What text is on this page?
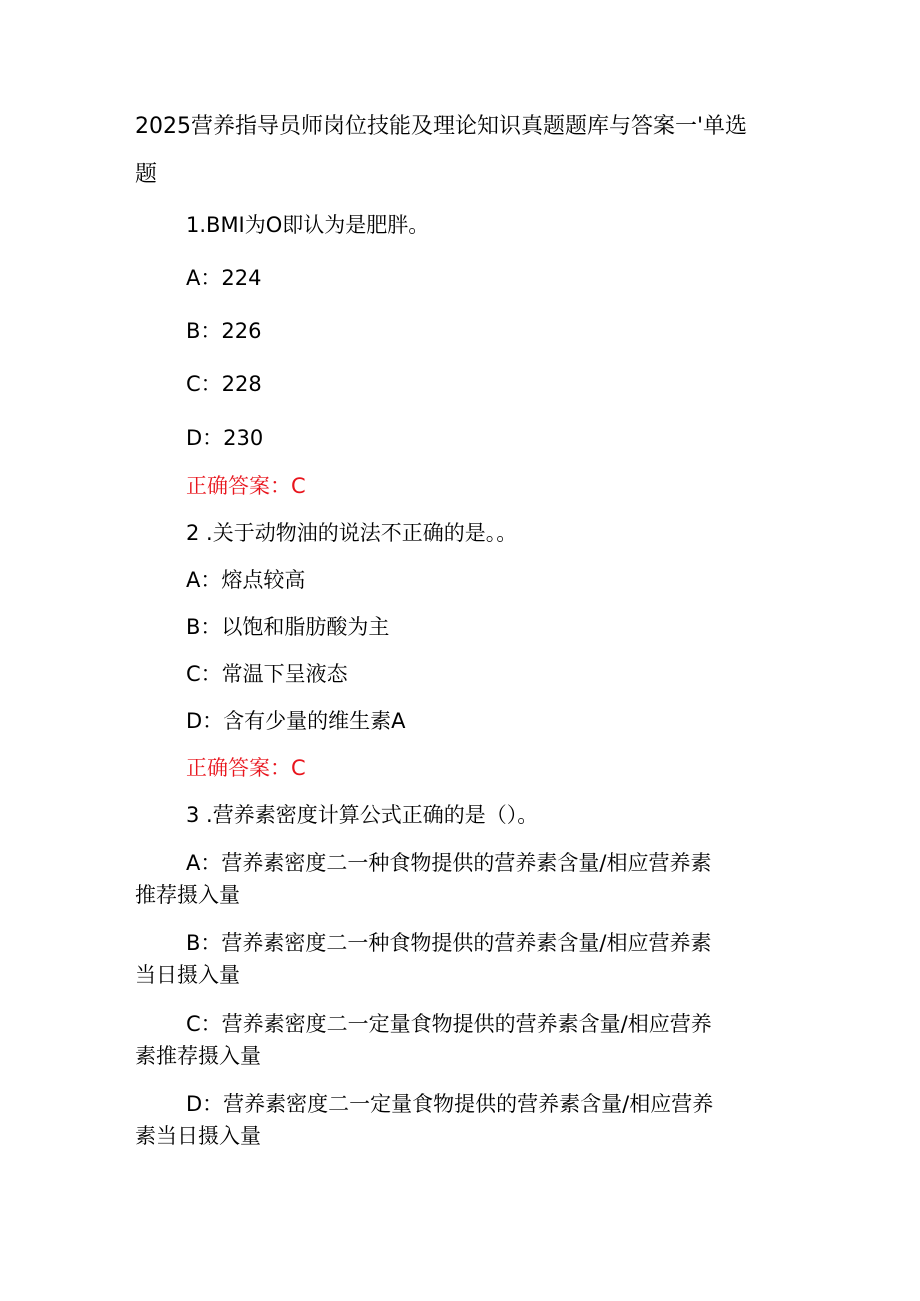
2025营养指导员师岗位技能及理论知识真题题库与答案一'单选

题

1.BMI为O即认为是肥胖。

A：224

B：226

C：228

D：230

正确答案：C

2 .关于动物油的说法不正确的是。。

A：熔点较高

B：以饱和脂肪酸为主

C：常温下呈液态

D：含有少量的维生素A

正确答案：C

3 .营养素密度计算公式正确的是（）。

A：营养素密度二一种食物提供的营养素含量/相应营养素

推荐摄入量

B：营养素密度二一种食物提供的营养素含量/相应营养素

当日摄入量

C：营养素密度二一定量食物提供的营养素含量/相应营养

素推荐摄入量

D：营养素密度二一定量食物提供的营养素含量/相应营养

素当日摄入量
